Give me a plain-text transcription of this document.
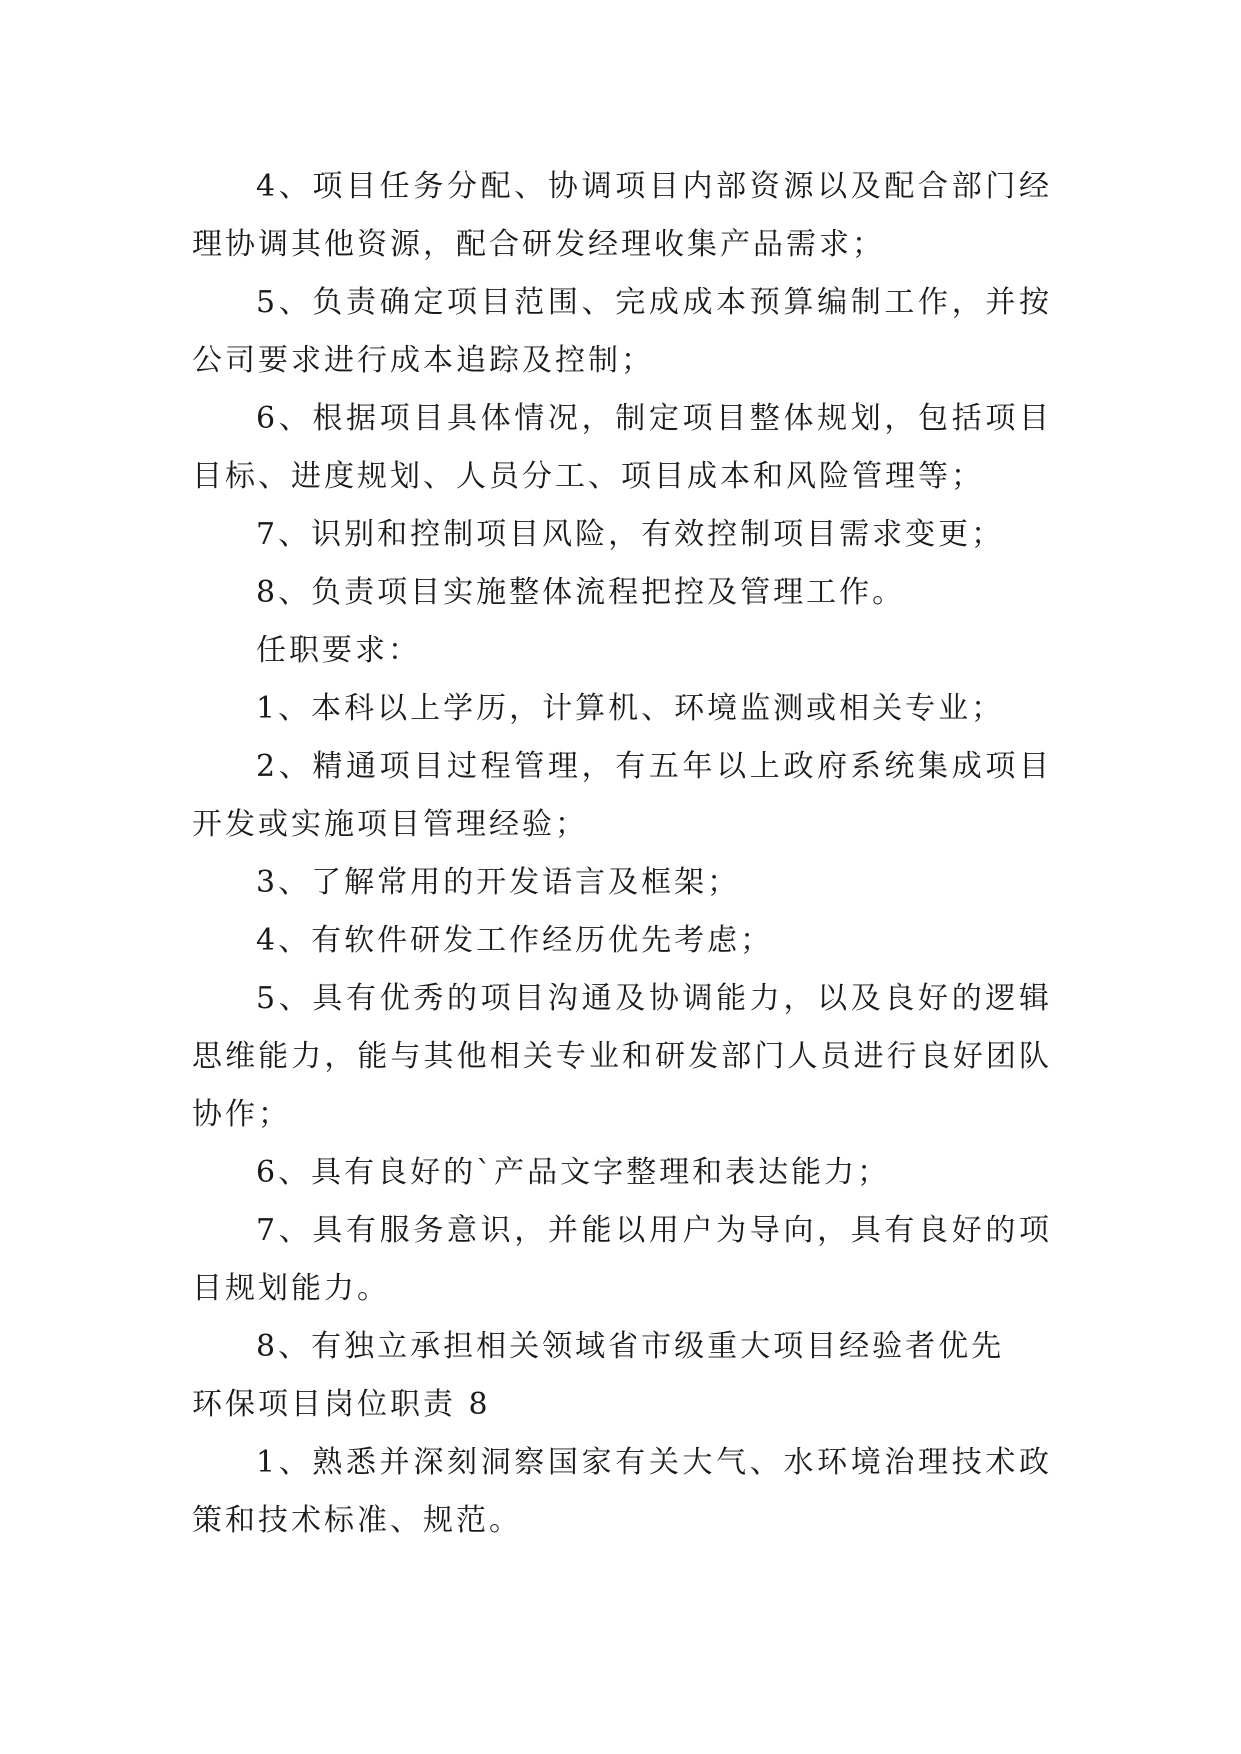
4、项目任务分配、协调项目内部资源以及配合部门经理协调其他资源，配合研发经理收集产品需求；

5、负责确定项目范围、完成成本预算编制工作，并按公司要求进行成本追踪及控制；

6、根据项目具体情况，制定项目整体规划，包括项目目标、进度规划、人员分工、项目成本和风险管理等；

7、识别和控制项目风险，有效控制项目需求变更；

8、负责项目实施整体流程把控及管理工作。

任职要求：

1、本科以上学历，计算机、环境监测或相关专业；

2、精通项目过程管理，有五年以上政府系统集成项目开发或实施项目管理经验；

3、了解常用的开发语言及框架；

4、有软件研发工作经历优先考虑；

5、具有优秀的项目沟通及协调能力，以及良好的逻辑思维能力，能与其他相关专业和研发部门人员进行良好团队协作；

6、具有良好的`产品文字整理和表达能力；

7、具有服务意识，并能以用户为导向，具有良好的项目规划能力。

8、有独立承担相关领域省市级重大项目经验者优先

环保项目岗位职责 8

1、熟悉并深刻洞察国家有关大气、水环境治理技术政策和技术标准、规范。
